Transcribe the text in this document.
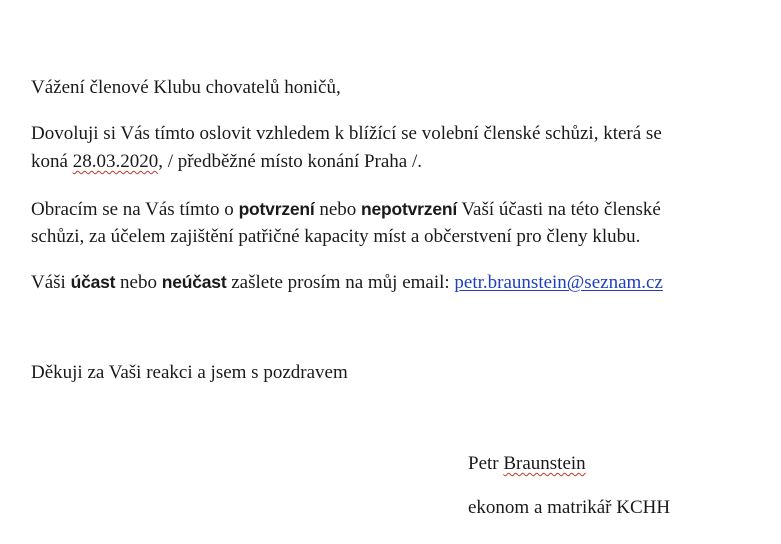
Vážení členové Klubu chovatelů honičů,
Dovoluji si Vás tímto oslovit vzhledem k blížící se volební členské schůzi, která se
koná 28.03.2020, / předběžné místo konání Praha /.
Obracím se na Vás tímto o potvrzení nebo nepotvrzení Vaší účasti na této členské
schůzi, za účelem zajištění patřičné kapacity míst a občerstvení pro členy klubu.
Váši účast nebo neúčast zašlete prosím na můj email: petr.braunstein@seznam.cz
Děkuji za Vaši reakci a jsem s pozdravem
Petr Braunstein
ekonom a matrikář KCHH
